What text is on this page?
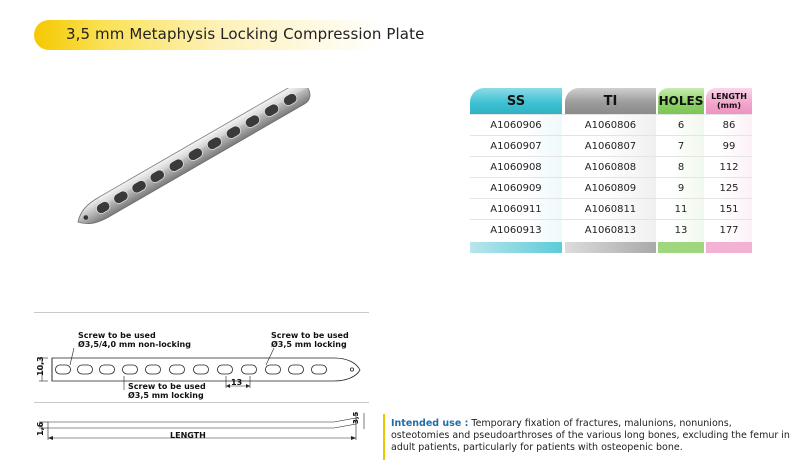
3,5 mm Metaphysis Locking Compression Plate
SS	TI	HOLES LENGTH
(mm)
A1060906	A1060806	6	86
A1060907	A1060807	7	99
A1060908	A1060808	8	112
A1060909	A1060809	9	125
A1060911	A1060811	11	151
A1060913	A1060813	13	177
Screw to be used
Ø3,5/4,0 mm non-locking
Screw to be used
Ø3,5 mm locking
Screw to be used
Ø3,5 mm locking
10,3
13
1,6
3,5
LENGTH
Intended use : Temporary fixation of fractures, malunions, nonunions, osteotomies and pseudoarthroses of the various long bones, excluding the femur in adult patients, particularly for patients with osteopenic bone.
